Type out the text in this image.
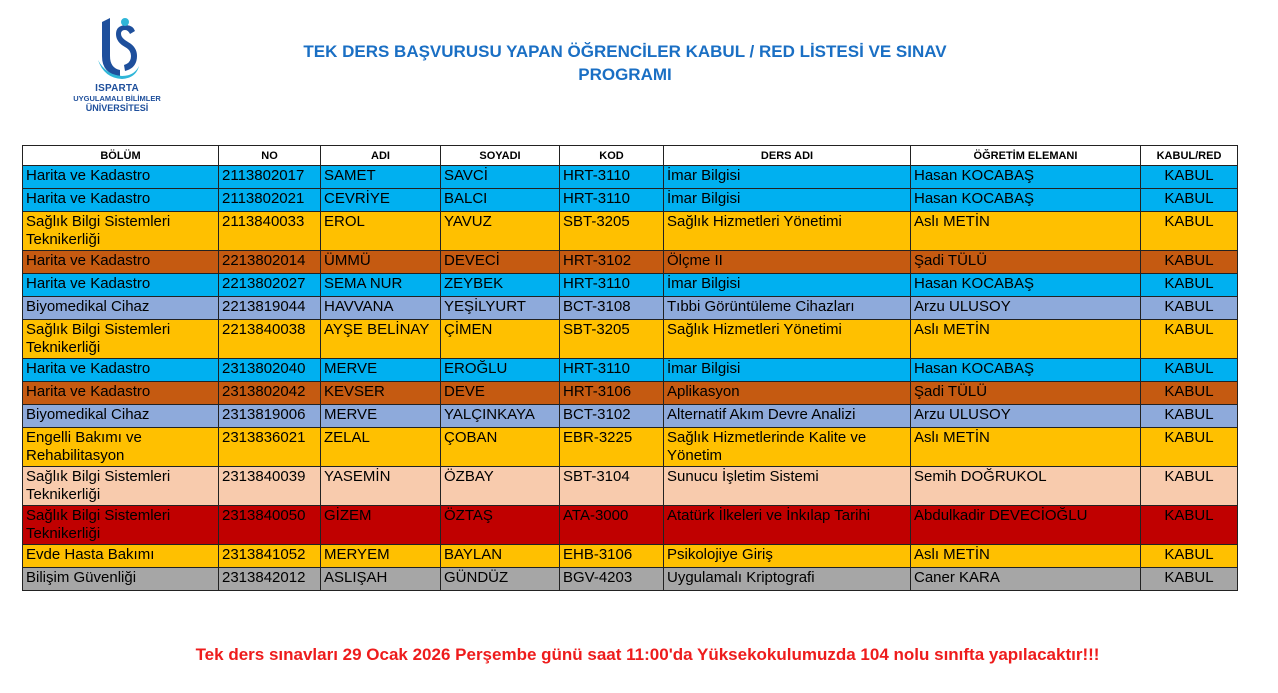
ISPARTA
UYGULAMALI BİLİMLER
ÜNİVERSİTESİ
TEK DERS BAŞVURUSU YAPAN ÖĞRENCİLER KABUL / RED LİSTESİ VE SINAV
PROGRAMI
BÖLÜM	NO	ADI	SOYADI	KOD	DERS ADI	ÖĞRETİM ELEMANI	KABUL/RED
Harita ve Kadastro	2113802017	SAMET	SAVCİ	HRT-3110	İmar Bilgisi	Hasan KOCABAŞ	KABUL
Harita ve Kadastro	2113802021	CEVRİYE	BALCI	HRT-3110	İmar Bilgisi	Hasan KOCABAŞ	KABUL
Sağlık Bilgi Sistemleri Teknikerliği	2113840033	EROL	YAVUZ	SBT-3205	Sağlık Hizmetleri Yönetimi	Aslı METİN	KABUL
Harita ve Kadastro	2213802014	ÜMMÜ	DEVECİ	HRT-3102	Ölçme II	Şadi TÜLÜ	KABUL
Harita ve Kadastro	2213802027	SEMA NUR	ZEYBEK	HRT-3110	İmar Bilgisi	Hasan KOCABAŞ	KABUL
Biyomedikal Cihaz	2213819044	HAVVANA	YEŞİLYURT	BCT-3108	Tıbbi Görüntüleme Cihazları	Arzu ULUSOY	KABUL
Sağlık Bilgi Sistemleri Teknikerliği	2213840038	AYŞE BELİNAY	ÇİMEN	SBT-3205	Sağlık Hizmetleri Yönetimi	Aslı METİN	KABUL
Harita ve Kadastro	2313802040	MERVE	EROĞLU	HRT-3110	İmar Bilgisi	Hasan KOCABAŞ	KABUL
Harita ve Kadastro	2313802042	KEVSER	DEVE	HRT-3106	Aplikasyon	Şadi TÜLÜ	KABUL
Biyomedikal Cihaz	2313819006	MERVE	YALÇINKAYA	BCT-3102	Alternatif Akım Devre Analizi	Arzu ULUSOY	KABUL
Engelli Bakımı ve Rehabilitasyon	2313836021	ZELAL	ÇOBAN	EBR-3225	Sağlık Hizmetlerinde Kalite ve Yönetim	Aslı METİN	KABUL
Sağlık Bilgi Sistemleri Teknikerliği	2313840039	YASEMİN	ÖZBAY	SBT-3104	Sunucu İşletim Sistemi	Semih DOĞRUKOL	KABUL
Sağlık Bilgi Sistemleri Teknikerliği	2313840050	GİZEM	ÖZTAŞ	ATA-3000	Atatürk İlkeleri ve İnkılap Tarihi	Abdulkadir DEVECİOĞLU	KABUL
Evde Hasta Bakımı	2313841052	MERYEM	BAYLAN	EHB-3106	Psikolojiye Giriş	Aslı METİN	KABUL
Bilişim Güvenliği	2313842012	ASLIŞAH	GÜNDÜZ	BGV-4203	Uygulamalı Kriptografi	Caner KARA	KABUL
Tek ders sınavları 29 Ocak 2026 Perşembe günü saat 11:00'da Yüksekokulumuzda 104 nolu sınıfta yapılacaktır!!!
